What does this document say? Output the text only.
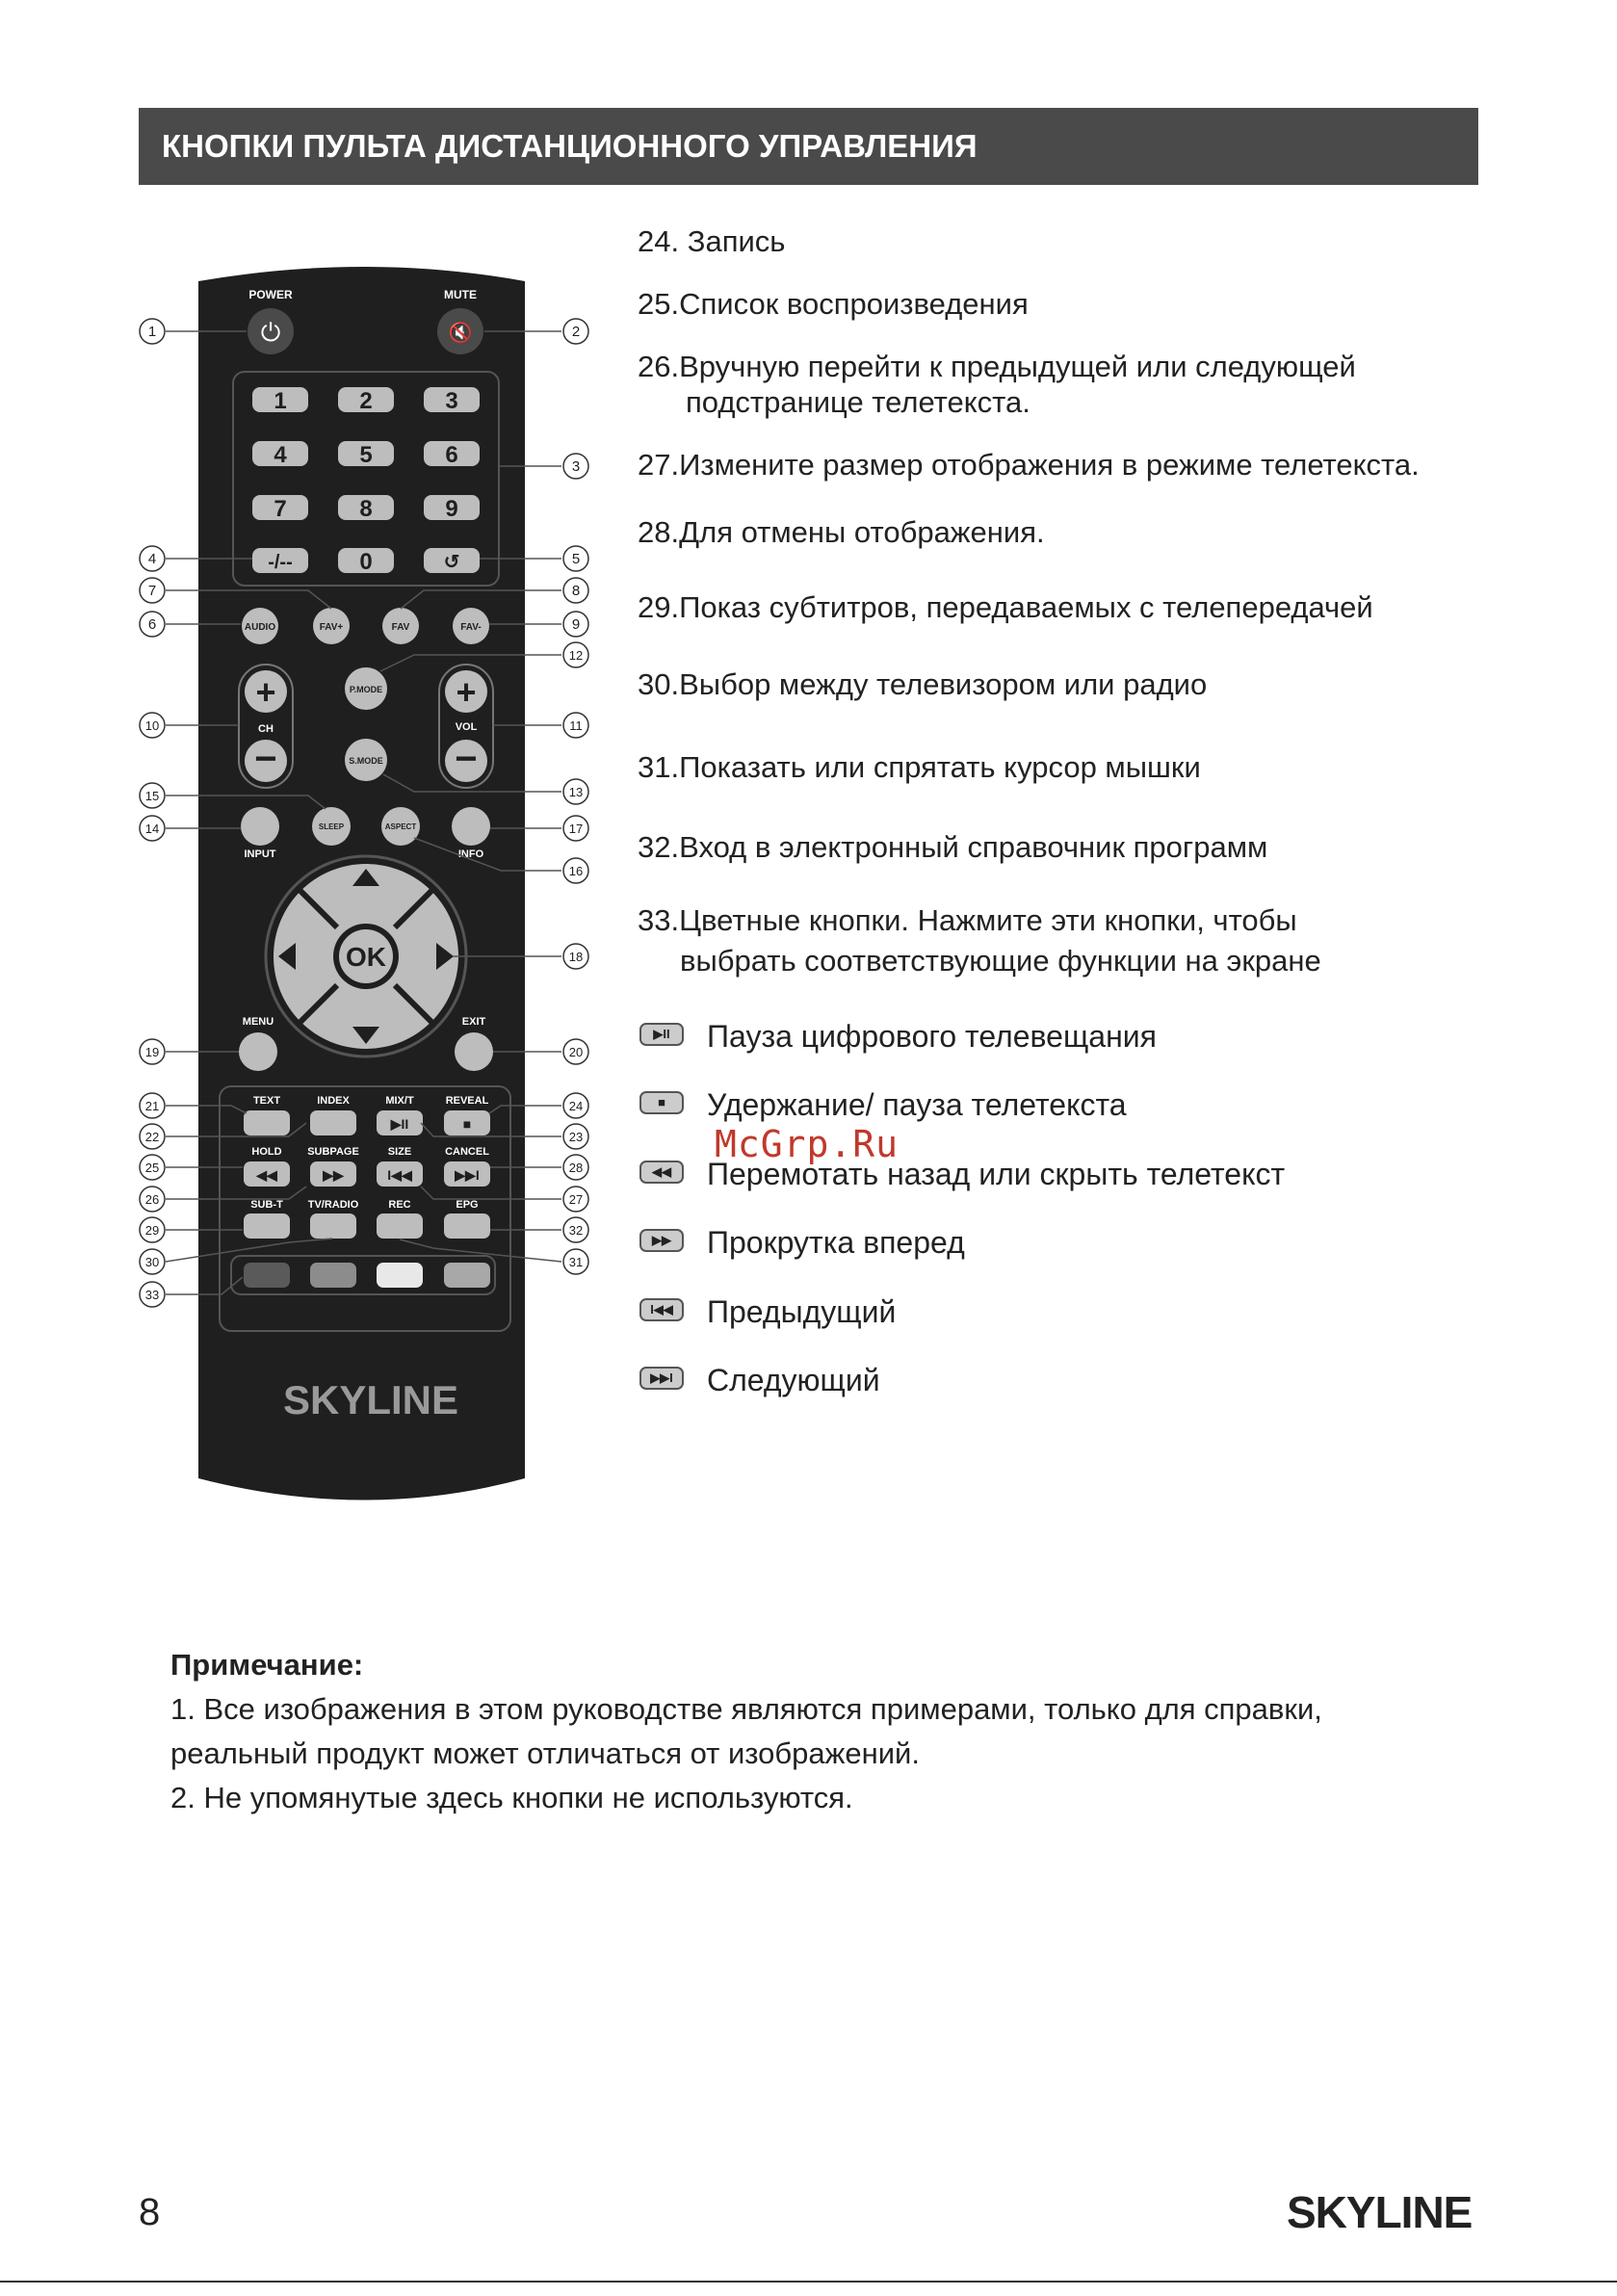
КНОПКИ ПУЛЬТА ДИСТАНЦИОННОГО УПРАВЛЕНИЯ
POWER
⏻
MUTE
🔇
1	2	3
4	5	6
7	8	9
0
-/--	↺
AUDIO	FAV+	FAV	FAV-
+
CH
−
+
VOL
−
P.MODE
S.MODE
INPUT
SLEEP	ASPECT
INFO
OK
MENU	EXIT
TEXT	INDEX	MIX/T	REVEAL
HOLD SUBPAGE	SIZE	CANCEL
SUB-T TV/RADIO	REC	EPG
▶II	■
◀◀	▶▶	I◀◀	▶▶I
SKYLINE
1	2
3
4	5
6
7	8
9
10	11
12
13
14
15
16
17
18
19	20
21
22	23
24
25
26	27
28
29
30	31
32
33
24. Запись
25.Список воспроизведения
26.Вручную перейти к предыдущей или следующей
подстранице телетекста.
27.Измените размер отображения в режиме телетекста.
28.Для отмены отображения.
29.Показ субтитров, передаваемых с телепередачей
30.Выбор между телевизором или радио
31.Показать или спрятать курсор мышки
32.Вход в электронный справочник программ
33.Цветные кнопки. Нажмите эти кнопки, чтобы
выбрать соответствующие функции на экране
▶II	Пауза цифрового телевещания
■	Удержание/ пауза телетекста
◀◀	Перемотать назад или скрыть телетекст
▶▶	Прокрутка вперед
I◀◀ Предыдущий
▶▶I Следующий
McGrp.Ru
Примечание:
1. Все изображения в этом руководстве являются примерами, только для справки,
реальный продукт может отличаться от изображений.
2. Не упомянутые здесь кнопки не используются.
8	SKYLINE
